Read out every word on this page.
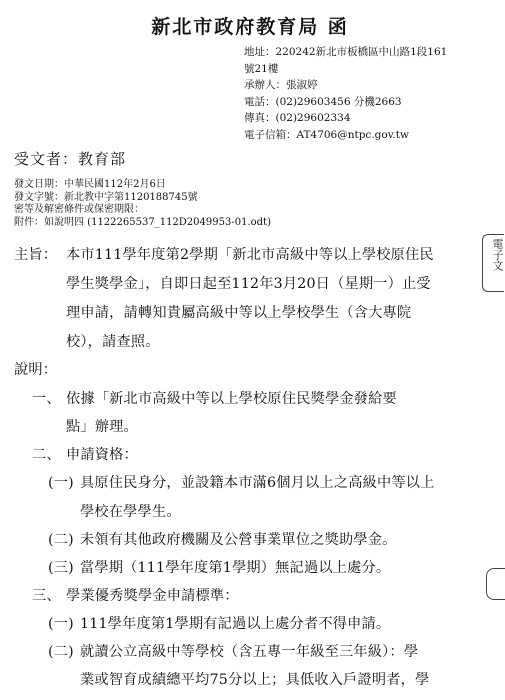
新北市政府教育局 函
地址：220242新北市板橋區中山路1段161
號21樓
承辦人：張淑婷
電話：(02)29603456 分機2663
傳真：(02)29602334
電子信箱：AT4706@ntpc.gov.tw
受文者：教育部
發文日期：中華民國112年2月6日
發文字號：新北教中字第1120188745號
密等及解密條件或保密期限：
附件：如說明四 (1122265537_112D2049953-01.odt)
主旨： 本市111學年度第2學期「新北市高級中等以上學校原住民
學生獎學金」，自即日起至112年3月20日（星期一）止受
理申請，請轉知貴屬高級中等以上學校學生（含大專院
校），請查照。
說明：
一、 依據「新北市高級中等以上學校原住民獎學金發給要
點」辦理。
二、 申請資格：
(一) 具原住民身分，並設籍本市滿6個月以上之高級中等以上
學校在學學生。
(二) 未領有其他政府機關及公營事業單位之獎助學金。
(三) 當學期（111學年度第1學期）無記過以上處分。
三、 學業優秀獎學金申請標準：
(一) 111學年度第1學期有記過以上處分者不得申請。
(二) 就讀公立高級中等學校（含五專一年級至三年級）：學
業或智育成績總平均75分以上；具低收入戶證明者，學
電子文
